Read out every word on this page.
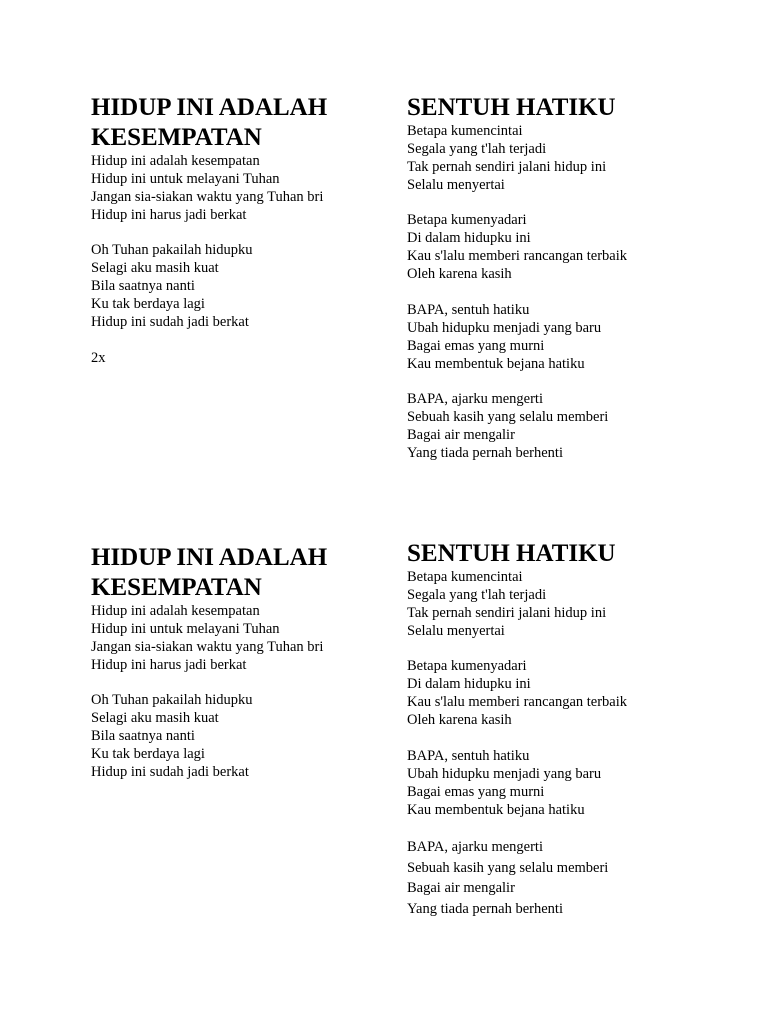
HIDUP INI ADALAH
KESEMPATAN
Hidup ini adalah kesempatan
Hidup ini untuk melayani Tuhan
Jangan sia-siakan waktu yang Tuhan bri
Hidup ini harus jadi berkat
Oh Tuhan pakailah hidupku
Selagi aku masih kuat
Bila saatnya nanti
Ku tak berdaya lagi
Hidup ini sudah jadi berkat
2x
SENTUH HATIKU
Betapa kumencintai
Segala yang t'lah terjadi
Tak pernah sendiri jalani hidup ini
Selalu menyertai
Betapa kumenyadari
Di dalam hidupku ini
Kau s'lalu memberi rancangan terbaik
Oleh karena kasih
BAPA, sentuh hatiku
Ubah hidupku menjadi yang baru
Bagai emas yang murni
Kau membentuk bejana hatiku
BAPA, ajarku mengerti
Sebuah kasih yang selalu memberi
Bagai air mengalir
Yang tiada pernah berhenti
HIDUP INI ADALAH
KESEMPATAN
Hidup ini adalah kesempatan
Hidup ini untuk melayani Tuhan
Jangan sia-siakan waktu yang Tuhan bri
Hidup ini harus jadi berkat
Oh Tuhan pakailah hidupku
Selagi aku masih kuat
Bila saatnya nanti
Ku tak berdaya lagi
Hidup ini sudah jadi berkat
SENTUH HATIKU
Betapa kumencintai
Segala yang t'lah terjadi
Tak pernah sendiri jalani hidup ini
Selalu menyertai
Betapa kumenyadari
Di dalam hidupku ini
Kau s'lalu memberi rancangan terbaik
Oleh karena kasih
BAPA, sentuh hatiku
Ubah hidupku menjadi yang baru
Bagai emas yang murni
Kau membentuk bejana hatiku
BAPA, ajarku mengerti
Sebuah kasih yang selalu memberi
Bagai air mengalir
Yang tiada pernah berhenti
